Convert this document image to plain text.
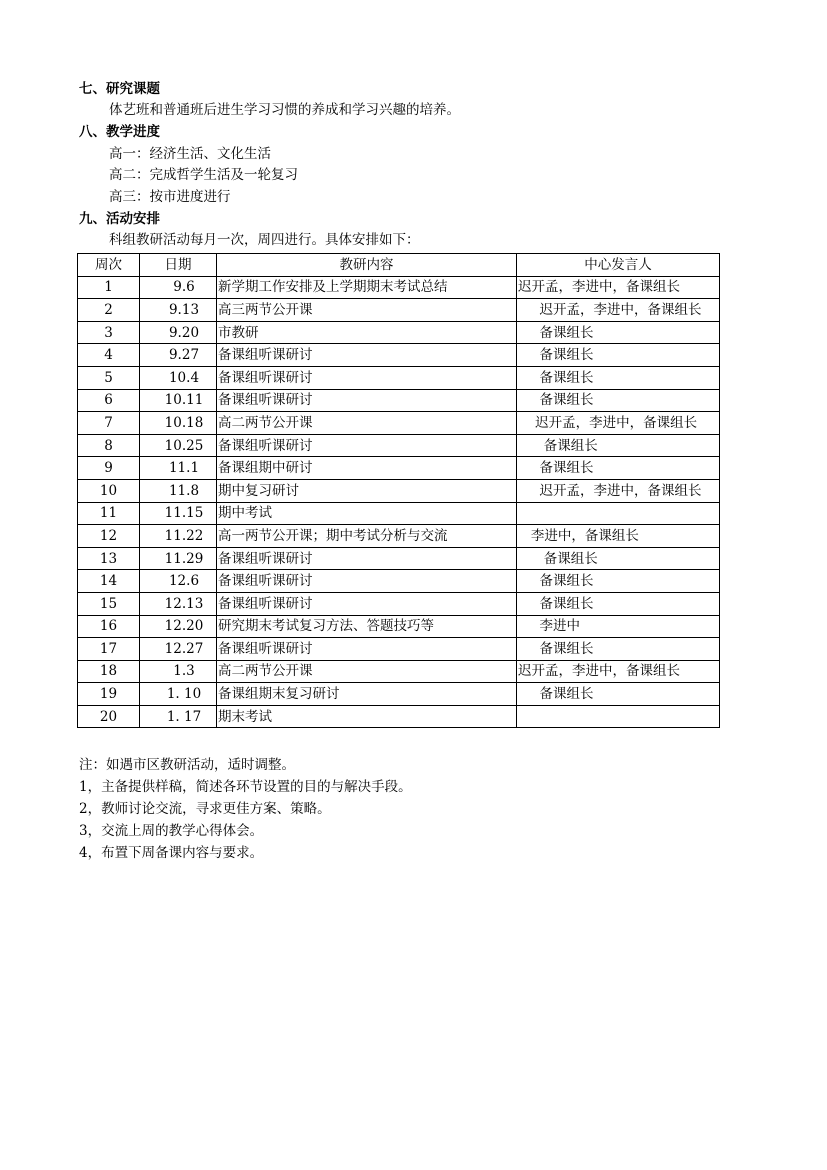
七、研究课题
体艺班和普通班后进生学习习惯的养成和学习兴趣的培养。
八、教学进度
高一：经济生活、文化生活
高二：完成哲学生活及一轮复习
高三：按市进度进行
九、活动安排
科组教研活动每月一次，周四进行。具体安排如下：
周次	日期	教研内容	中心发言人
1	9.6	新学期工作安排及上学期期末考试总结	迟开孟，李进中，备课组长
2	9.13	高三两节公开课	迟开孟，李进中，备课组长
3	9.20	市教研	备课组长
4	9.27	备课组听课研讨	备课组长
5	10.4	备课组听课研讨	备课组长
6	10.11	备课组听课研讨	备课组长
7	10.18	高二两节公开课	迟开孟，李进中，备课组长
8	10.25	备课组听课研讨	备课组长
9	11.1	备课组期中研讨	备课组长
10	11.8	期中复习研讨	迟开孟，李进中，备课组长
11	11.15	期中考试	
12	11.22	高一两节公开课；期中考试分析与交流	李进中，备课组长
13	11.29	备课组听课研讨	备课组长
14	12.6	备课组听课研讨	备课组长
15	12.13	备课组听课研讨	备课组长
16	12.20	研究期末考试复习方法、答题技巧等	李进中
17	12.27	备课组听课研讨	备课组长
18	1.3	高二两节公开课	迟开孟，李进中，备课组长
19	1. 10	备课组期末复习研讨	备课组长
20	1. 17	期末考试	
注：如遇市区教研活动，适时调整。
1，主备提供样稿，简述各环节设置的目的与解决手段。
2，教师讨论交流，寻求更佳方案、策略。
3，交流上周的教学心得体会。
4，布置下周备课内容与要求。
